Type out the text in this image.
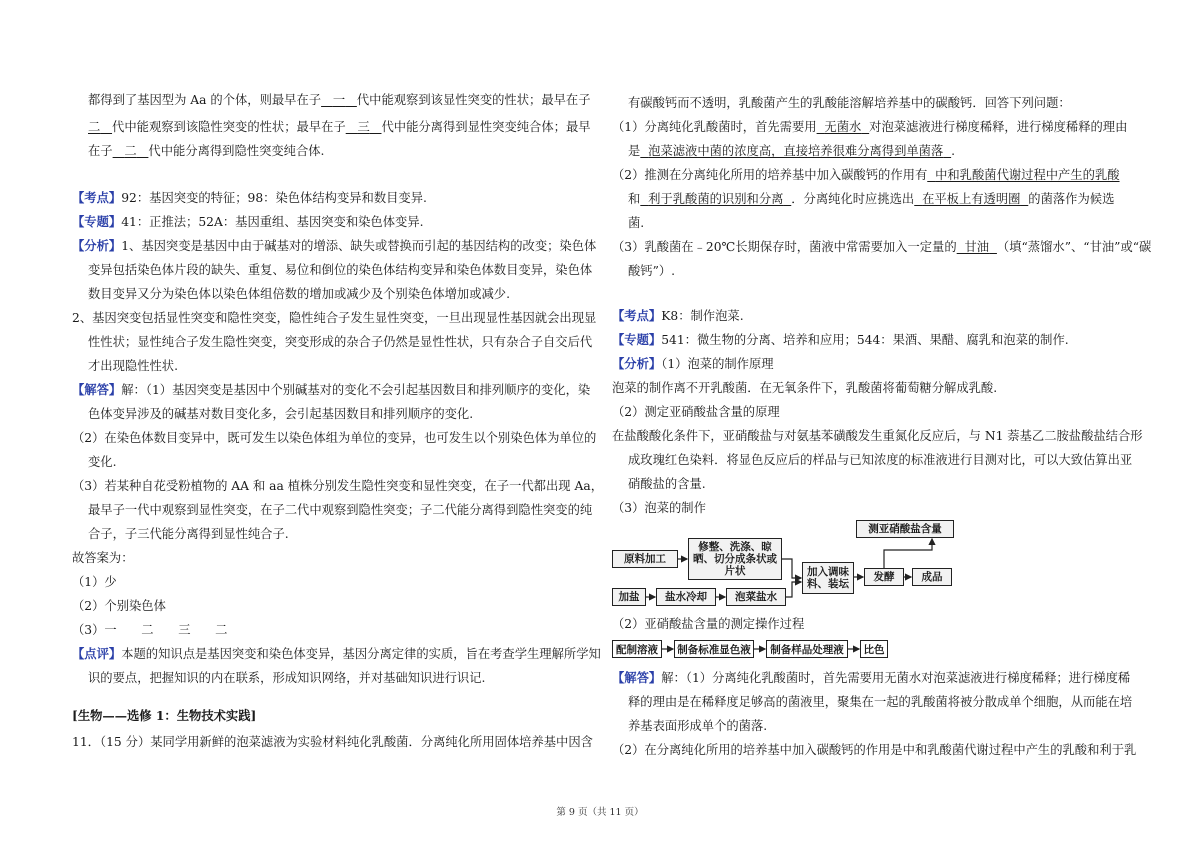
都得到了基因型为 Aa 的个体，则最早在子 一 代中能观察到该显性突变的性状；最早在子
二 代中能观察到该隐性突变的性状；最早在子 三 代中能分离得到显性突变纯合体；最早
在子 二 代中能分离得到隐性突变纯合体.
【考点】92：基因突变的特征；98：染色体结构变异和数目变异.
【专题】41：正推法；52A：基因重组、基因突变和染色体变异.
【分析】1、基因突变是基因中由于碱基对的增添、缺失或替换而引起的基因结构的改变；染色体
变异包括染色体片段的缺失、重复、易位和倒位的染色体结构变异和染色体数目变异，染色体
数目变异又分为染色体以染色体组倍数的增加或减少及个别染色体增加或减少.
2、基因突变包括显性突变和隐性突变，隐性纯合子发生显性突变，一旦出现显性基因就会出现显
性性状；显性纯合子发生隐性突变，突变形成的杂合子仍然是显性性状，只有杂合子自交后代
才出现隐性性状.
【解答】解：（1）基因突变是基因中个别碱基对的变化不会引起基因数目和排列顺序的变化，染
色体变异涉及的碱基对数目变化多，会引起基因数目和排列顺序的变化.
（2）在染色体数目变异中，既可发生以染色体组为单位的变异，也可发生以个别染色体为单位的
变化.
（3）若某种自花受粉植物的 AA 和 aa 植株分别发生隐性突变和显性突变，在子一代都出现 Aa，
最早子一代中观察到显性突变，在子二代中观察到隐性突变；子二代能分离得到隐性突变的纯
合子，子三代能分离得到显性纯合子.
故答案为：
（1）少
（2）个别染色体
（3）一　　二　　三　　二
【点评】本题的知识点是基因突变和染色体变异，基因分离定律的实质，旨在考查学生理解所学知
识的要点，把握知识的内在联系，形成知识网络，并对基础知识进行识记.
[生物——选修 1：生物技术实践]
11．（15 分）某同学用新鲜的泡菜滤液为实验材料纯化乳酸菌．分离纯化所用固体培养基中因含
有碳酸钙而不透明，乳酸菌产生的乳酸能溶解培养基中的碳酸钙．回答下列问题：
（1）分离纯化乳酸菌时，首先需要用 无菌水 对泡菜滤液进行梯度稀释，进行梯度稀释的理由
是 泡菜滤液中菌的浓度高，直接培养很难分离得到单菌落 .
（2）推测在分离纯化所用的培养基中加入碳酸钙的作用有 中和乳酸菌代谢过程中产生的乳酸
和 利于乳酸菌的识别和分离 ．分离纯化时应挑选出 在平板上有透明圈 的菌落作为候选
菌.
（3）乳酸菌在﹣20℃长期保存时，菌液中常需要加入一定量的 甘油 （填“蒸馏水”、“甘油”或“碳
酸钙”）.
【考点】K8：制作泡菜.
【专题】541：微生物的分离、培养和应用；544：果酒、果醋、腐乳和泡菜的制作.
【分析】（1）泡菜的制作原理
泡菜的制作离不开乳酸菌．在无氧条件下，乳酸菌将葡萄糖分解成乳酸.
（2）测定亚硝酸盐含量的原理
在盐酸酸化条件下，亚硝酸盐与对氨基苯磺酸发生重氮化反应后，与 N1 萘基乙二胺盐酸盐结合形
成玫瑰红色染料．将显色反应后的样品与已知浓度的标准液进行目测对比，可以大致估算出亚
硝酸盐的含量.
（3）泡菜的制作
原料加工
修整、洗涤、晾晒、切分成条状或片状	加入调味料、装坛
发酵	成品
测亚硝酸盐含量
加盐	盐水冷却	泡菜盐水
（2）亚硝酸盐含量的测定操作过程
配制溶液	制备标准显色液	制备样品处理液	比色
【解答】解：（1）分离纯化乳酸菌时，首先需要用无菌水对泡菜滤液进行梯度稀释；进行梯度稀
释的理由是在稀释度足够高的菌液里，聚集在一起的乳酸菌将被分散成单个细胞，从而能在培
养基表面形成单个的菌落.
（2）在分离纯化所用的培养基中加入碳酸钙的作用是中和乳酸菌代谢过程中产生的乳酸和利于乳
第 9 页（共 11 页）
